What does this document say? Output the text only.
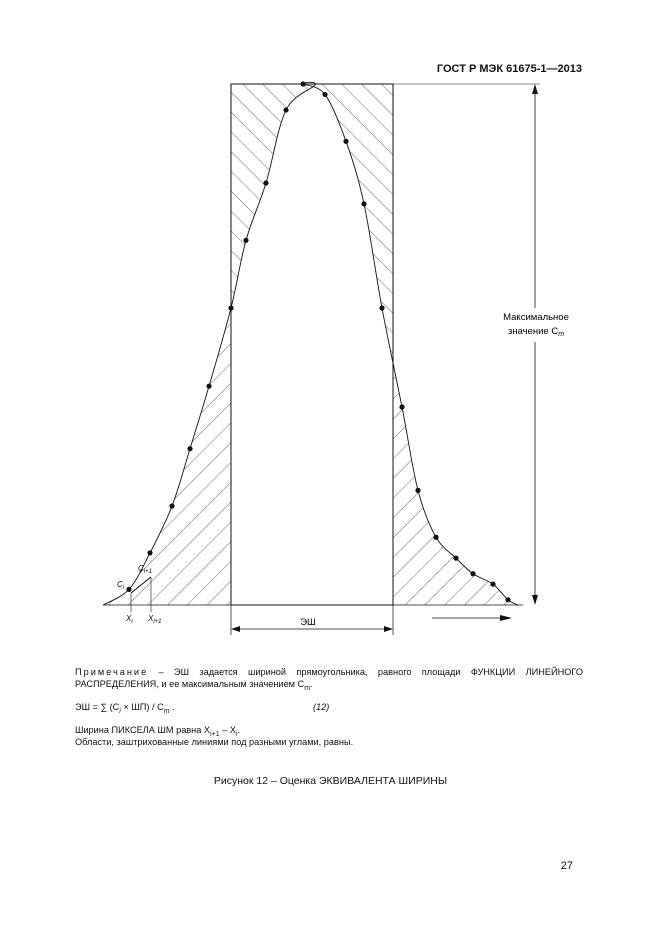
ГОСТ Р МЭК 61675-1—2013
Максимальное
значение $C_m$
ЭШ
$C_i$
$C_{i+1}$
$X_i$ $X_{i+1}$
Примечание – ЭШ задается шириной прямоугольника, равного площади ФУНКЦИИ ЛИНЕЙНОГО РАСПРЕДЕЛЕНИЯ, и ее максимальным значением $C_m$.
ЭШ = ∑ $(C_i \times ШП) / C_m$ .	(12)
Ширина ПИКСЕЛА ШМ равна $X_{i+1} - X_i$.
Области, заштрихованные линиями под разными углами, равны.
Рисунок 12 – Оценка ЭКВИВАЛЕНТА ШИРИНЫ
27
